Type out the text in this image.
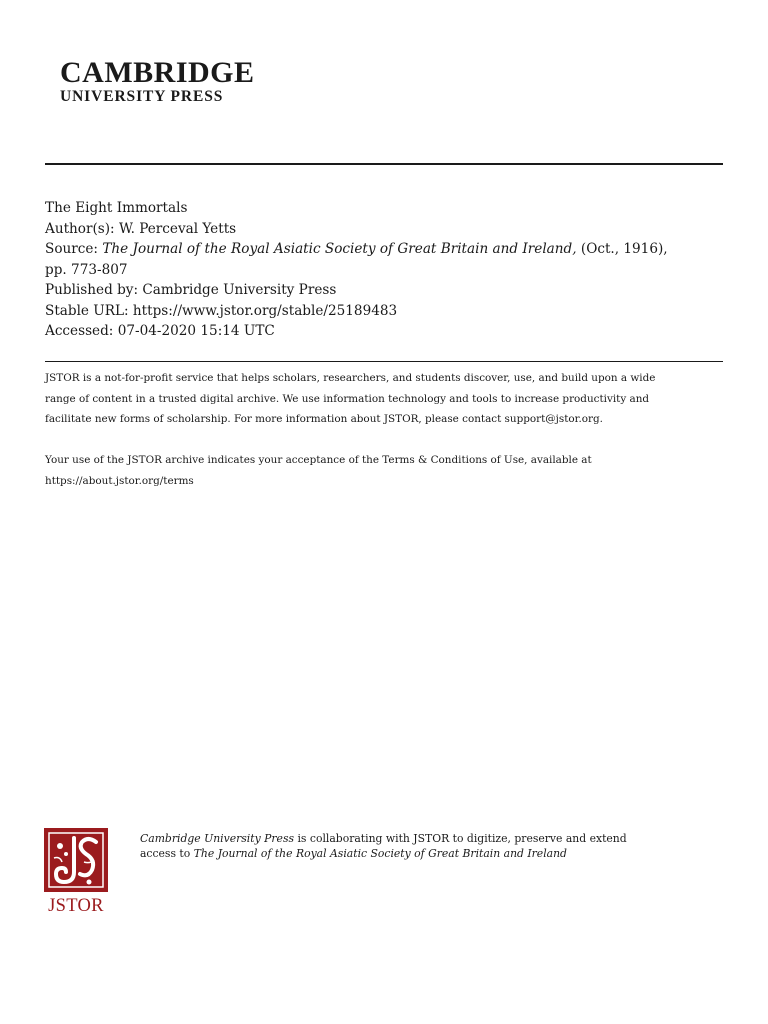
CAMBRIDGE
UNIVERSITY PRESS
The Eight Immortals
Author(s): W. Perceval Yetts
Source: The Journal of the Royal Asiatic Society of Great Britain and Ireland, (Oct., 1916),
pp. 773-807
Published by: Cambridge University Press
Stable URL: https://www.jstor.org/stable/25189483
Accessed: 07-04-2020 15:14 UTC
JSTOR is a not-for-profit service that helps scholars, researchers, and students discover, use, and build upon a wide
range of content in a trusted digital archive. We use information technology and tools to increase productivity and
facilitate new forms of scholarship. For more information about JSTOR, please contact support@jstor.org.
Your use of the JSTOR archive indicates your acceptance of the Terms & Conditions of Use, available at
https://about.jstor.org/terms
JSTOR
Cambridge University Press is collaborating with JSTOR to digitize, preserve and extend
access to The Journal of the Royal Asiatic Society of Great Britain and Ireland
